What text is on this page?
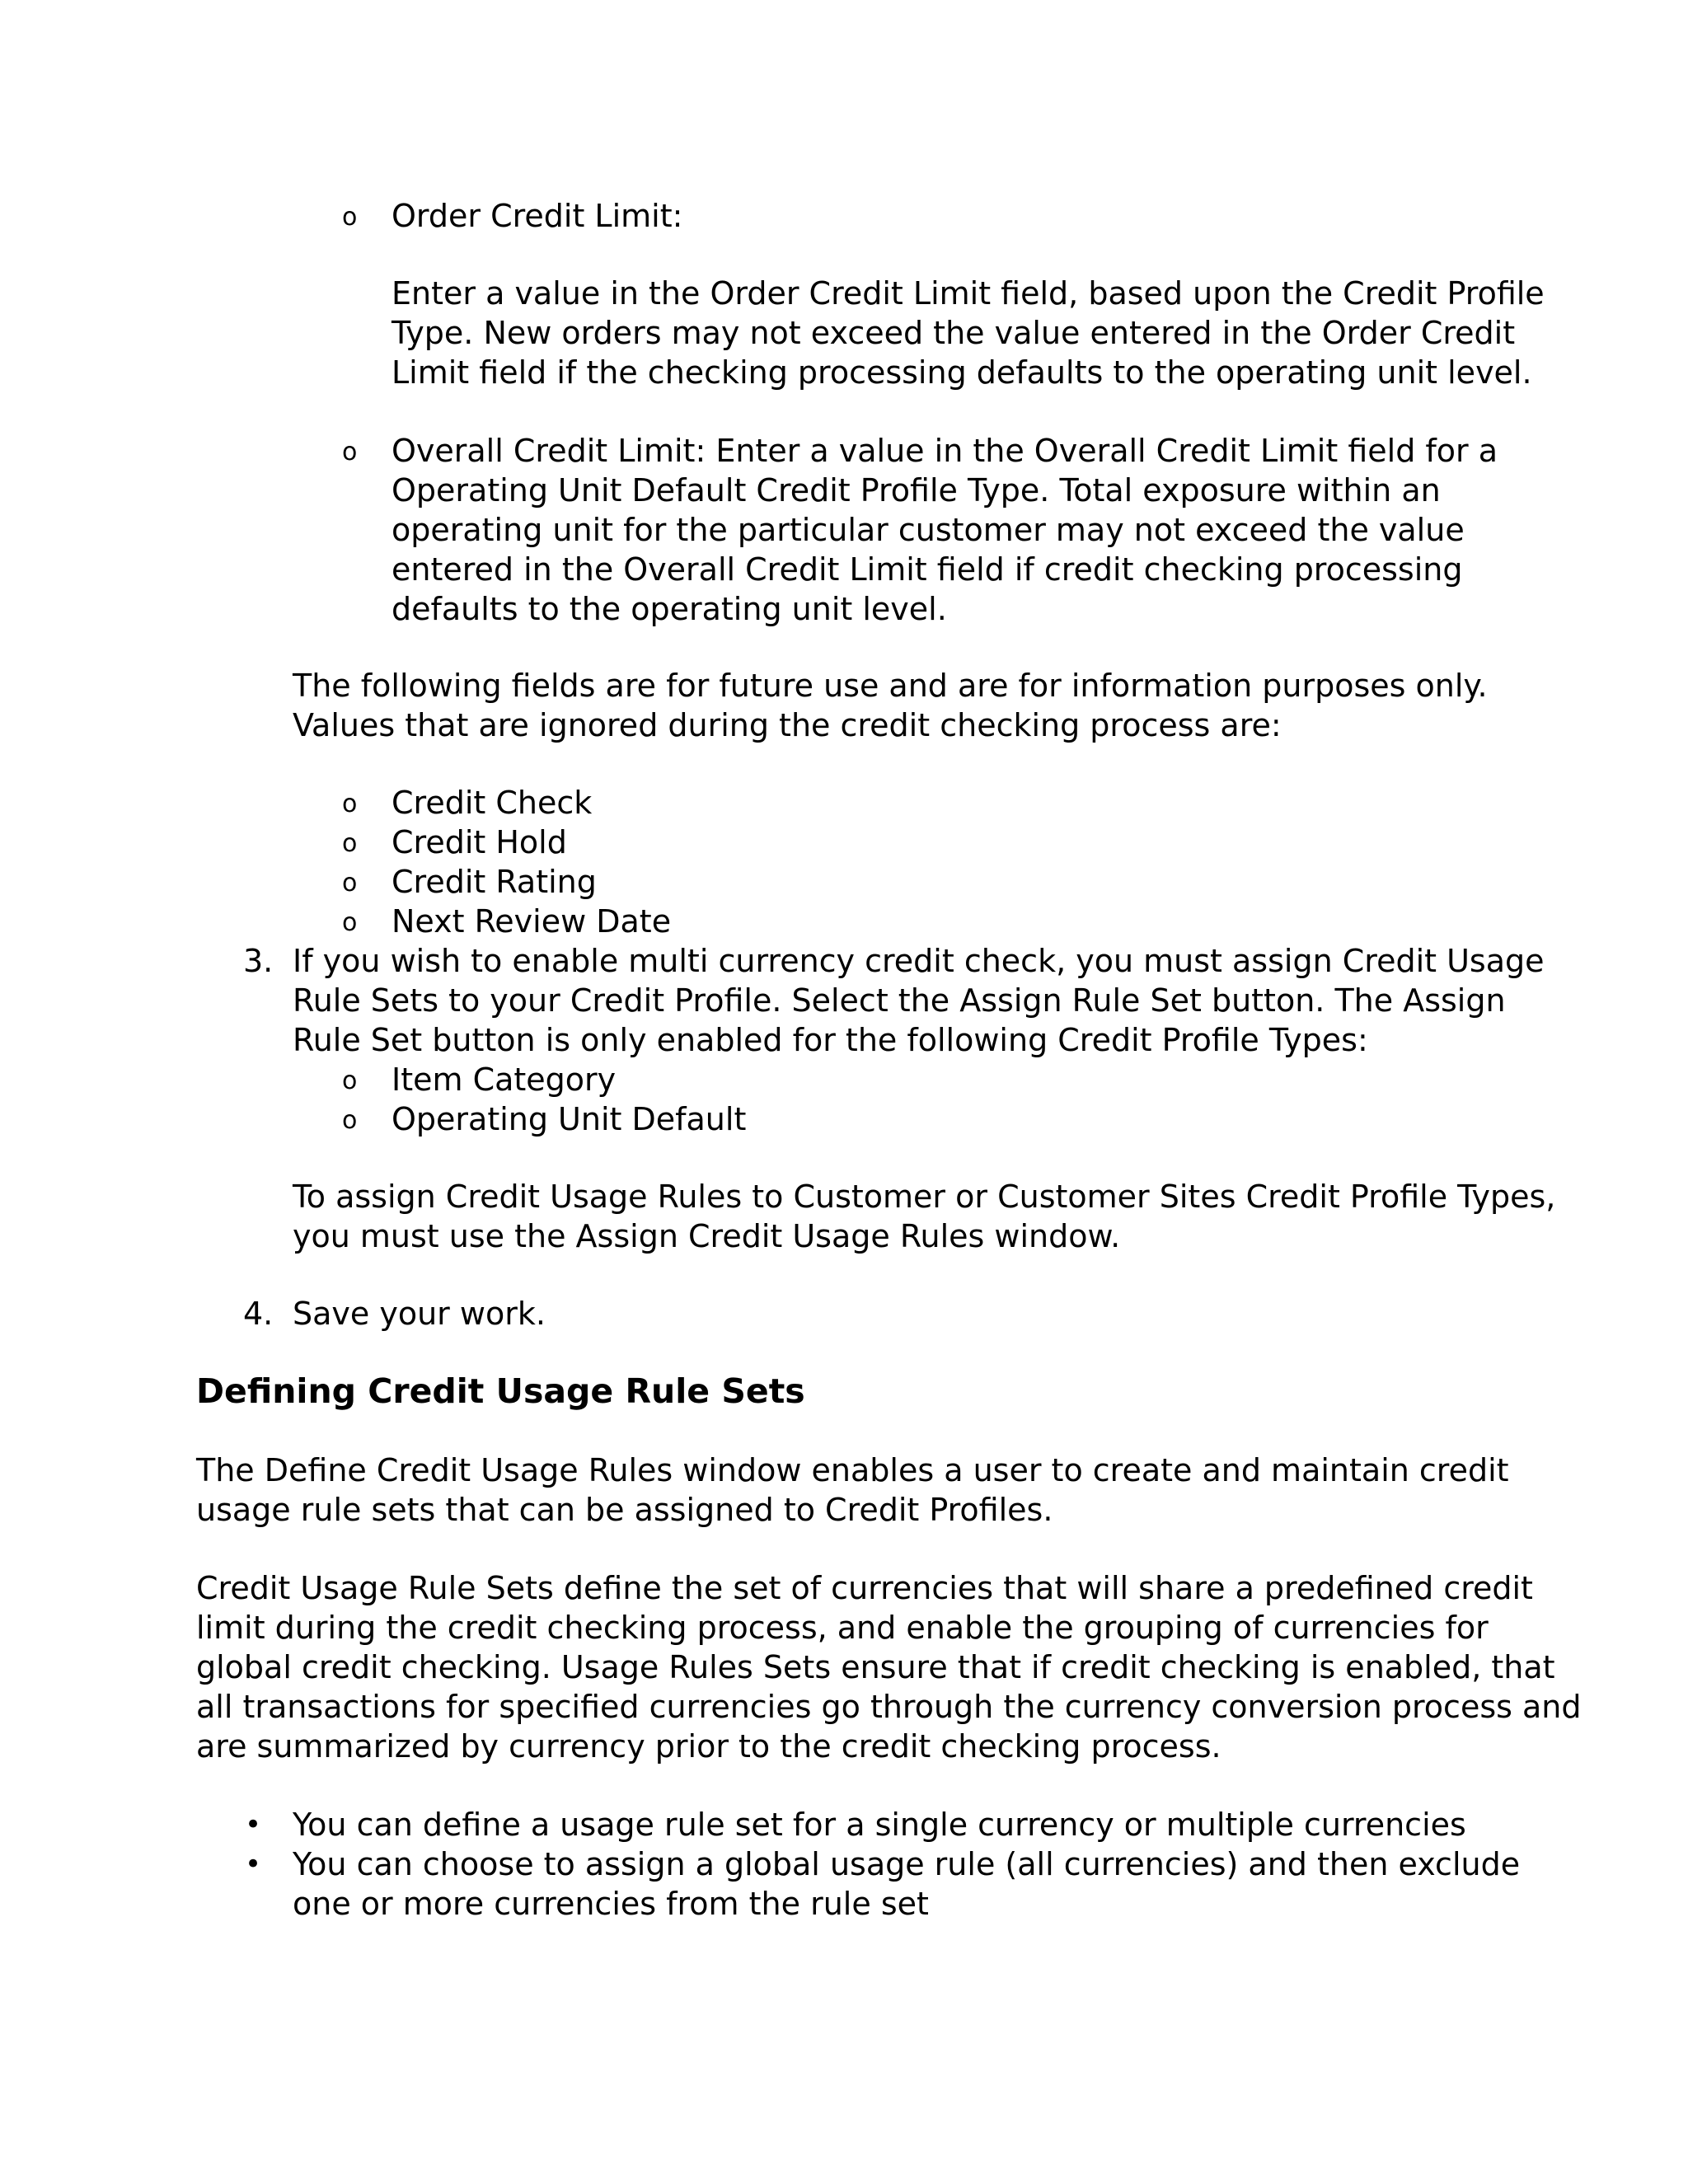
o Order Credit Limit:

Enter a value in the Order Credit Limit field, based upon the Credit Profile

Type. New orders may not exceed the value entered in the Order Credit

Limit field if the checking processing defaults to the operating unit level.

o Overall Credit Limit: Enter a value in the Overall Credit Limit field for a

Operating Unit Default Credit Profile Type. Total exposure within an

operating unit for the particular customer may not exceed the value

entered in the Overall Credit Limit field if credit checking processing

defaults to the operating unit level.

The following fields are for future use and are for information purposes only.

Values that are ignored during the credit checking process are:

o Credit Check

o Credit Hold

o Credit Rating

o Next Review Date

3. If you wish to enable multi currency credit check, you must assign Credit Usage

Rule Sets to your Credit Profile. Select the Assign Rule Set button. The Assign

Rule Set button is only enabled for the following Credit Profile Types:

o Item Category

o Operating Unit Default

To assign Credit Usage Rules to Customer or Customer Sites Credit Profile Types,

you must use the Assign Credit Usage Rules window.

4. Save your work.

Defining Credit Usage Rule Sets

The Define Credit Usage Rules window enables a user to create and maintain credit

usage rule sets that can be assigned to Credit Profiles.

Credit Usage Rule Sets define the set of currencies that will share a predefined credit

limit during the credit checking process, and enable the grouping of currencies for

global credit checking. Usage Rules Sets ensure that if credit checking is enabled, that

all transactions for specified currencies go through the currency conversion process and

are summarized by currency prior to the credit checking process.

• You can define a usage rule set for a single currency or multiple currencies

• You can choose to assign a global usage rule (all currencies) and then exclude

one or more currencies from the rule set
